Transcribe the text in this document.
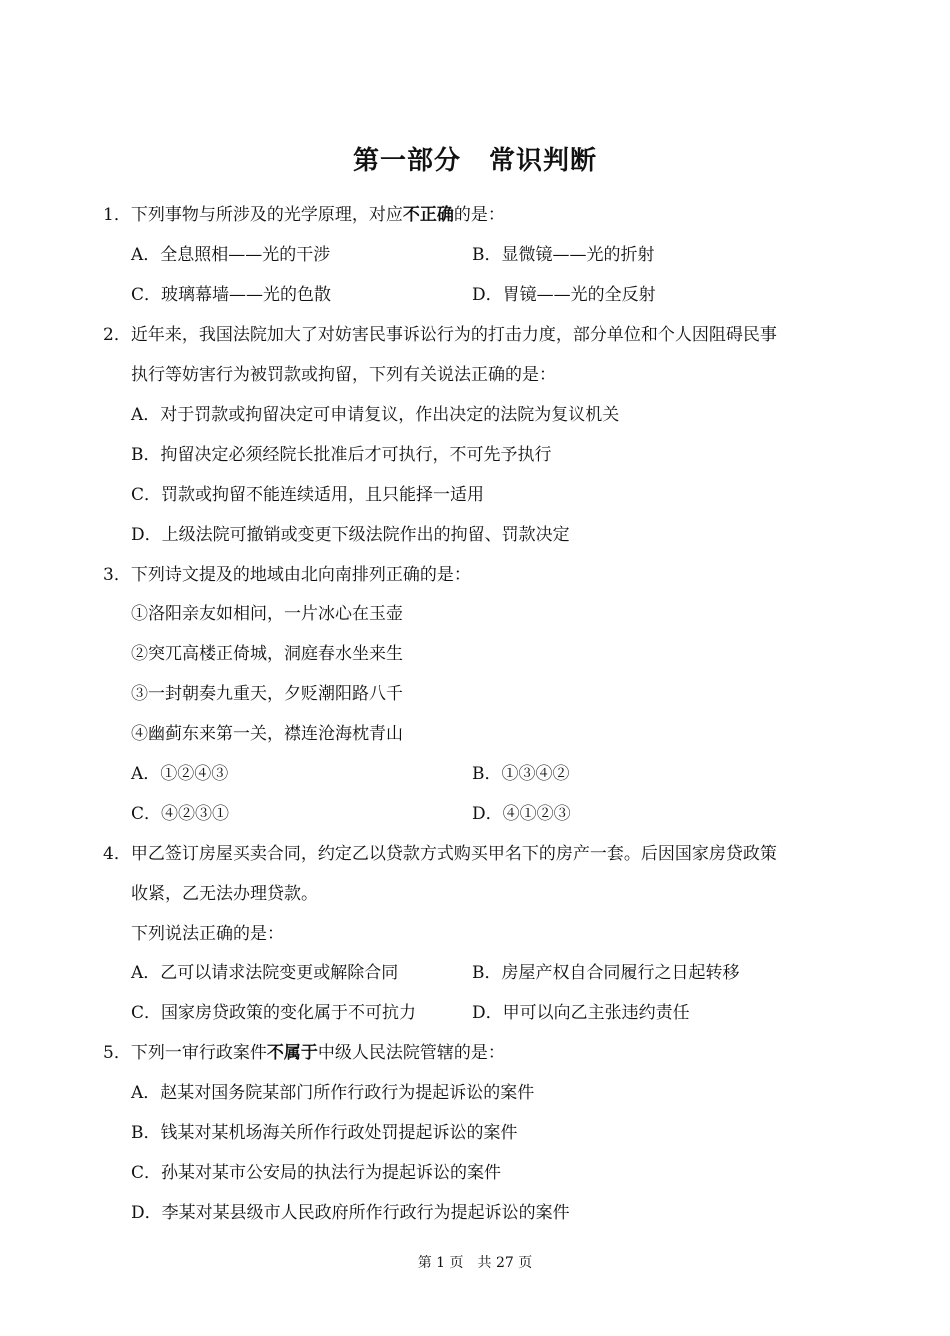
第一部分 常识判断
1．下列事物与所涉及的光学原理，对应不正确的是：
A．全息照相——光的干涉	B．显微镜——光的折射
C．玻璃幕墙——光的色散	D．胃镜——光的全反射
2．近年来，我国法院加大了对妨害民事诉讼行为的打击力度，部分单位和个人因阻碍民事
执行等妨害行为被罚款或拘留，下列有关说法正确的是：
A．对于罚款或拘留决定可申请复议，作出决定的法院为复议机关
B．拘留决定必须经院长批准后才可执行，不可先予执行
C．罚款或拘留不能连续适用，且只能择一适用
D．上级法院可撤销或变更下级法院作出的拘留、罚款决定
3．下列诗文提及的地域由北向南排列正确的是：
①洛阳亲友如相问，一片冰心在玉壶
②突兀高楼正倚城，洞庭春水坐来生
③一封朝奏九重天，夕贬潮阳路八千
④幽蓟东来第一关，襟连沧海枕青山
A．①②④③	B．①③④②
C．④②③①	D．④①②③
4．甲乙签订房屋买卖合同，约定乙以贷款方式购买甲名下的房产一套。后因国家房贷政策
收紧，乙无法办理贷款。
下列说法正确的是：
A．乙可以请求法院变更或解除合同	B．房屋产权自合同履行之日起转移
C．国家房贷政策的变化属于不可抗力	D．甲可以向乙主张违约责任
5．下列一审行政案件不属于中级人民法院管辖的是：
A．赵某对国务院某部门所作行政行为提起诉讼的案件
B．钱某对某机场海关所作行政处罚提起诉讼的案件
C．孙某对某市公安局的执法行为提起诉讼的案件
D．李某对某县级市人民政府所作行政行为提起诉讼的案件
第 1 页　共 27 页
